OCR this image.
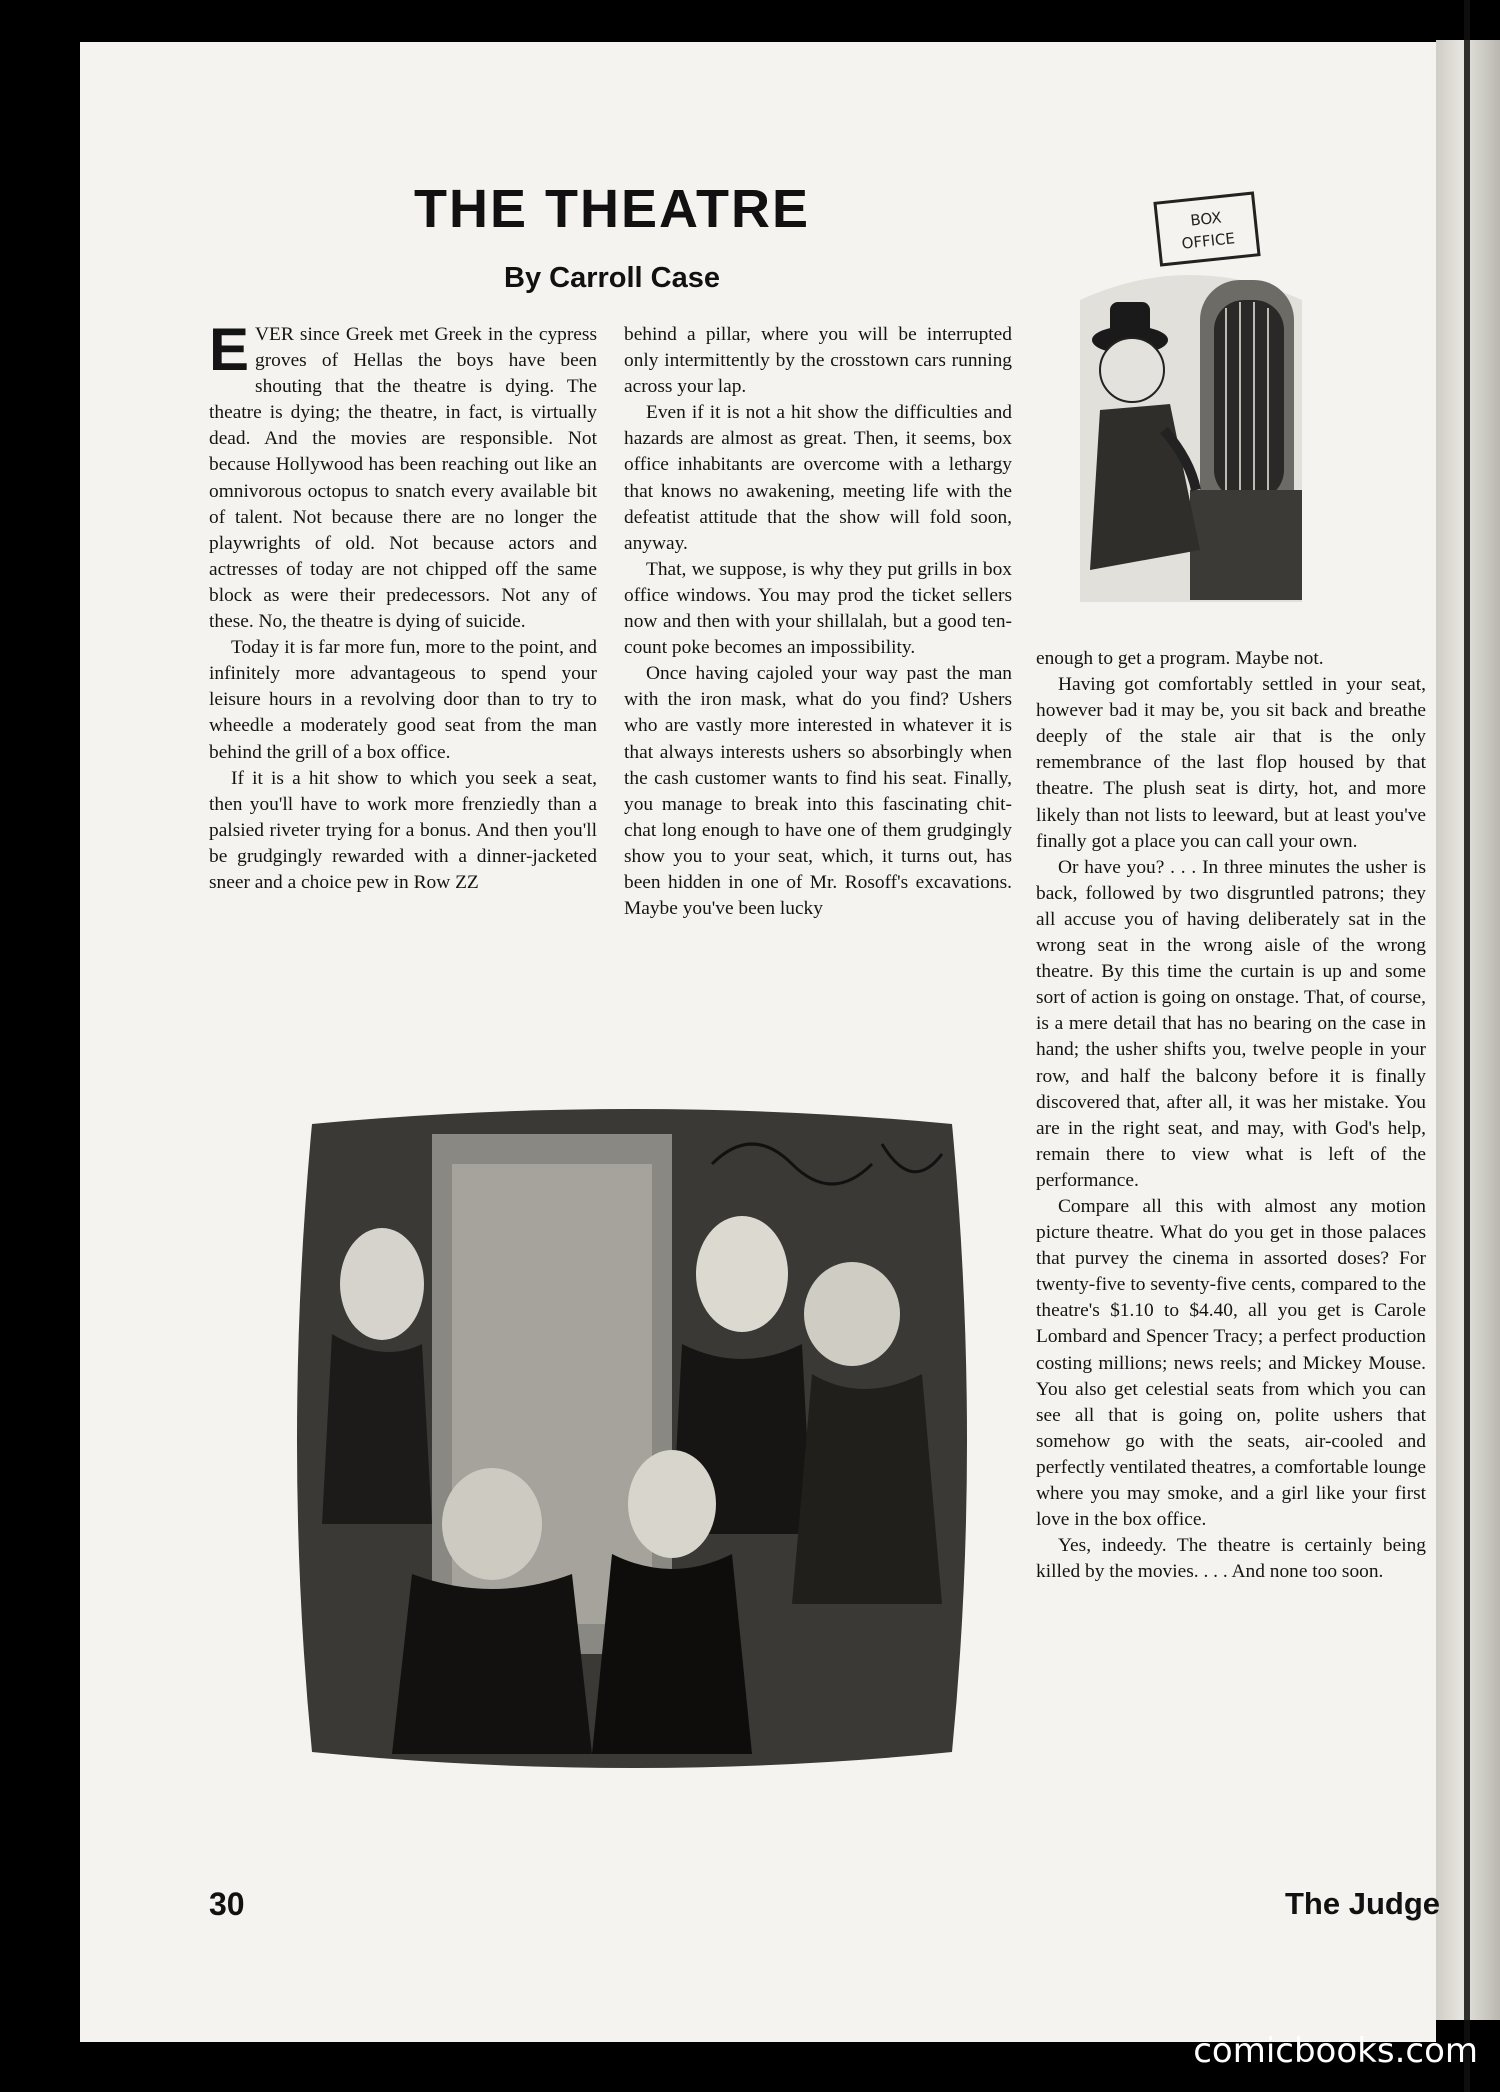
THE THEATRE
By Carroll Case

EVER since Greek met Greek in the cypress groves of Hellas the boys have been shouting that the theatre is dying. The theatre is dying; the theatre, in fact, is virtually dead. And the movies are responsible. Not because Hollywood has been reaching out like an omnivorous octopus to snatch every available bit of talent. Not because there are no longer the playwrights of old. Not because actors and actresses of today are not chipped off the same block as were their predecessors. Not any of these. No, the theatre is dying of suicide.

Today it is far more fun, more to the point, and infinitely more advantageous to spend your leisure hours in a revolving door than to try to wheedle a moderately good seat from the man behind the grill of a box office.

If it is a hit show to which you seek a seat, then you'll have to work more frenziedly than a palsied riveter trying for a bonus. And then you'll be grudgingly rewarded with a dinner-jacketed sneer and a choice pew in Row ZZ

behind a pillar, where you will be interrupted only intermittently by the crosstown cars running across your lap.

Even if it is not a hit show the difficulties and hazards are almost as great. Then, it seems, box office inhabitants are overcome with a lethargy that knows no awakening, meeting life with the defeatist attitude that the show will fold soon, anyway.

That, we suppose, is why they put grills in box office windows. You may prod the ticket sellers now and then with your shillalah, but a good ten-count poke becomes an impossibility.

Once having cajoled your way past the man with the iron mask, what do you find? Ushers who are vastly more interested in whatever it is that always interests ushers so absorbingly when the cash customer wants to find his seat. Finally, you manage to break into this fascinating chit-chat long enough to have one of them grudgingly show you to your seat, which, it turns out, has been hidden in one of Mr. Rosoff's excavations. Maybe you've been lucky

enough to get a program. Maybe not.

Having got comfortably settled in your seat, however bad it may be, you sit back and breathe deeply of the stale air that is the only remembrance of the last flop housed by that theatre. The plush seat is dirty, hot, and more likely than not lists to leeward, but at least you've finally got a place you can call your own.

Or have you? . . . In three minutes the usher is back, followed by two disgruntled patrons; they all accuse you of having deliberately sat in the wrong seat in the wrong aisle of the wrong theatre. By this time the curtain is up and some sort of action is going on onstage. That, of course, is a mere detail that has no bearing on the case in hand; the usher shifts you, twelve people in your row, and half the balcony before it is finally discovered that, after all, it was her mistake. You are in the right seat, and may, with God's help, remain there to view what is left of the performance.

Compare all this with almost any motion picture theatre. What do you get in those palaces that purvey the cinema in assorted doses? For twenty-five to seventy-five cents, compared to the theatre's $1.10 to $4.40, all you get is Carole Lombard and Spencer Tracy; a perfect production costing millions; news reels; and Mickey Mouse. You also get celestial seats from which you can see all that is going on, polite ushers that somehow go with the seats, air-cooled and perfectly ventilated theatres, a comfortable lounge where you may smoke, and a girl like your first love in the box office.

Yes, indeedy. The theatre is certainly being killed by the movies. . . . And none too soon.

BOX
OFFICE
30	The Judge
comicbooks.com
